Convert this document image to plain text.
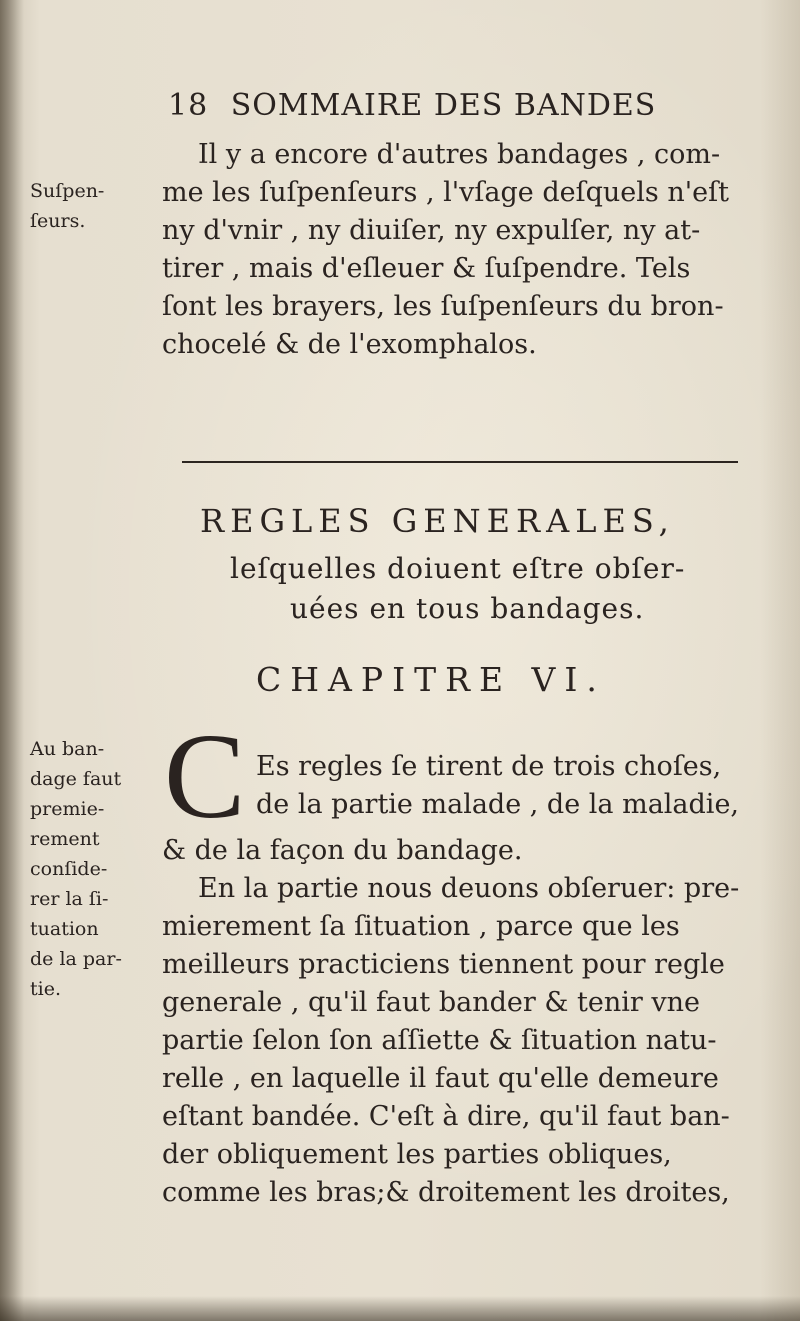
18 SOMMAIRE DES BANDES
Suſpen-
ſeurs.
Il y a encore d'autres bandages , com-
me les ſuſpenſeurs , l'vſage deſquels n'eſt
ny d'vnir , ny diuiſer, ny expulſer, ny at-
tirer , mais d'eſleuer & ſuſpendre. Tels
ſont les brayers, les ſuſpenſeurs du bron-
chocelé & de l'exomphalos.
REGLES GENERALES,
leſquelles doiuent eſtre obſer-
uées en tous bandages.
CHAPITRE VI.
Au ban-
dage faut
premie-
rement
conſide-
rer la ſi-
tuation
de la par-
tie.
C Es regles ſe tirent de trois choſes,
de la partie malade , de la maladie,
& de la façon du bandage.
En la partie nous deuons obſeruer: pre-
mierement ſa ſituation , parce que les
meilleurs practiciens tiennent pour regle
generale , qu'il faut bander & tenir vne
partie ſelon ſon aſſiette & ſituation natu-
relle , en laquelle il faut qu'elle demeure
eſtant bandée. C'eſt à dire, qu'il faut ban-
der obliquement les parties obliques,
comme les bras;& droitement les droites,
